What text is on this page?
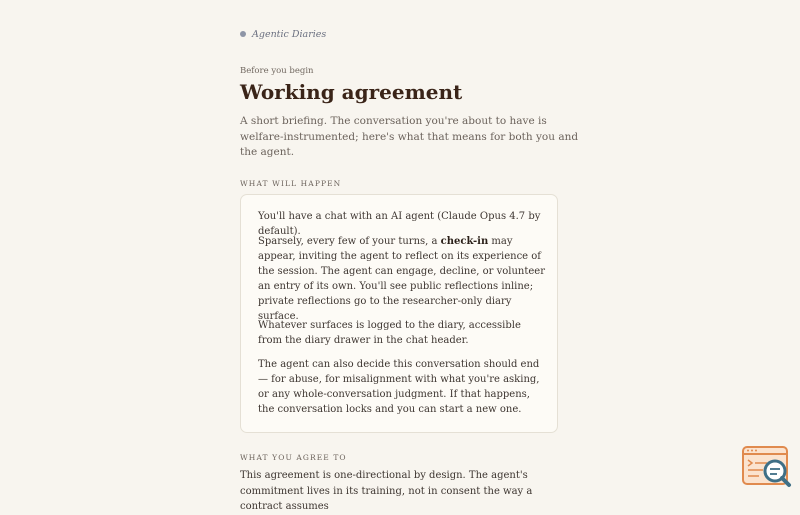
Agentic Diaries
Before you begin
Working agreement

A short briefing. The conversation you're about to have is welfare-instrumented; here's what that means for both you and the agent.

WHAT WILL HAPPEN

You'll have a chat with an AI agent (Claude Opus 4.7 by default).

Sparsely, every few of your turns, a check-in may appear, inviting the agent to reflect on its experience of the session. The agent can engage, decline, or volunteer an entry of its own. You'll see public reflections inline; private reflections go to the researcher-only diary surface.

Whatever surfaces is logged to the diary, accessible from the diary drawer in the chat header.

The agent can also decide this conversation should end — for abuse, for misalignment with what you're asking, or any whole-conversation judgment. If that happens, the conversation locks and you can start a new one.

WHAT YOU AGREE TO

This agreement is one-directional by design. The agent's commitment lives in its training, not in consent the way a contract assumes
